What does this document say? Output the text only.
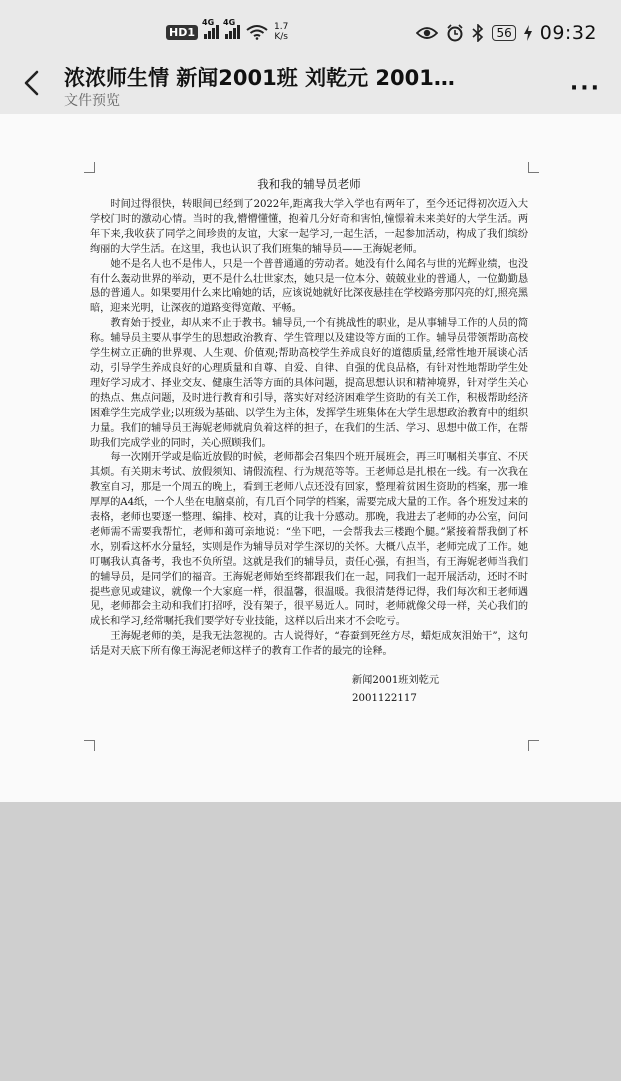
HD1
4G 4G	1.7
K/s	56 09:32
浓浓师生情 新闻2001班 刘乾元 2001…
文件预览	···
我和我的辅导员老师

时间过得很快，转眼间已经到了2022年,距离我大学入学也有两年了，至今还记得初次迈入大学校门时的激动心情。当时的我,懵懵懂懂，抱着几分好奇和害怕,憧憬着未来美好的大学生活。两年下来,我收获了同学之间珍贵的友谊，大家一起学习,一起生活，一起参加活动，构成了我们缤纷绚丽的大学生活。在这里，我也认识了我们班集的辅导员——王海妮老师。

她不是名人也不是伟人，只是一个普普通通的劳动者。她没有什么闻名与世的光辉业绩，也没有什么轰动世界的举动，更不是什么壮世家杰，她只是一位本分、兢兢业业的普通人，一位勤勤恳恳的普通人。如果要用什么来比喻她的话，应该说她就好比深夜悬挂在学校路旁那闪亮的灯,照亮黑暗，迎来光明，让深夜的道路变得宽敞、平畅。

教育始于授业，却从来不止于教书。辅导员,一个有挑战性的职业，是从事辅导工作的人员的简称。辅导员主要从事学生的思想政治教育、学生管理以及建设等方面的工作。辅导员带领帮助高校学生树立正确的世界观、人生观、价值观;帮助高校学生养成良好的道德质量,经常性地开展谈心活动，引导学生养成良好的心理质量和自尊、自爱、自律、自强的优良品格，有针对性地帮助学生处理好学习成才、择业交友、健康生活等方面的具体问题，提高思想认识和精神境界，针对学生关心的热点、焦点问题，及时进行教育和引导，落实好对经济困难学生资助的有关工作，积极帮助经济困难学生完成学业;以班级为基础、以学生为主体，发挥学生班集体在大学生思想政治教育中的组织力量。我们的辅导员王海妮老师就肩负着这样的担子，在我们的生活、学习、思想中做工作，在帮助我们完成学业的同时，关心照顾我们。

每一次刚开学或是临近放假的时候，老师都会召集四个班开展班会，再三叮嘱相关事宜、不厌其烦。有关期末考试、放假须知、请假流程、行为规范等等。王老师总是扎根在一线。有一次我在教室自习，那是一个周五的晚上，看到王老师八点还没有回家，整理着贫困生资助的档案，那一堆厚厚的A4纸，一个人坐在电脑桌前，有几百个同学的档案，需要完成大量的工作。各个班发过来的表格，老师也要逐一整理、编排、校对，真的让我十分感动。那晚，我进去了老师的办公室，问问老师需不需要我帮忙，老师和蔼可亲地说：“坐下吧，一会帮我去三楼跑个腿。”紧接着帮我倒了杯水，别看这杯水分量轻，实则是作为辅导员对学生深切的关怀。大概八点半，老师完成了工作。她叮嘱我认真备考，我也不负所望。这就是我们的辅导员，责任心强，有担当，有王海妮老师当我们的辅导员，是同学们的福音。王海妮老师始至终都跟我们在一起，同我们一起开展活动，还时不时提些意见或建议，就像一个大家庭一样，很温馨，很温暖。我很清楚得记得，我们每次和王老师遇见，老师都会主动和我们打招呼，没有架子，很平易近人。同时，老师就像父母一样，关心我们的成长和学习,经常嘱托我们要学好专业技能，这样以后出来才不会吃亏。

王海妮老师的美，是我无法忽视的。古人说得好，“春蚕到死丝方尽，蜡炬成灰泪始干”，这句话是对天底下所有像王海泥老师这样子的教育工作者的最完的诠释。

新闻2001班刘乾元
2001122117
